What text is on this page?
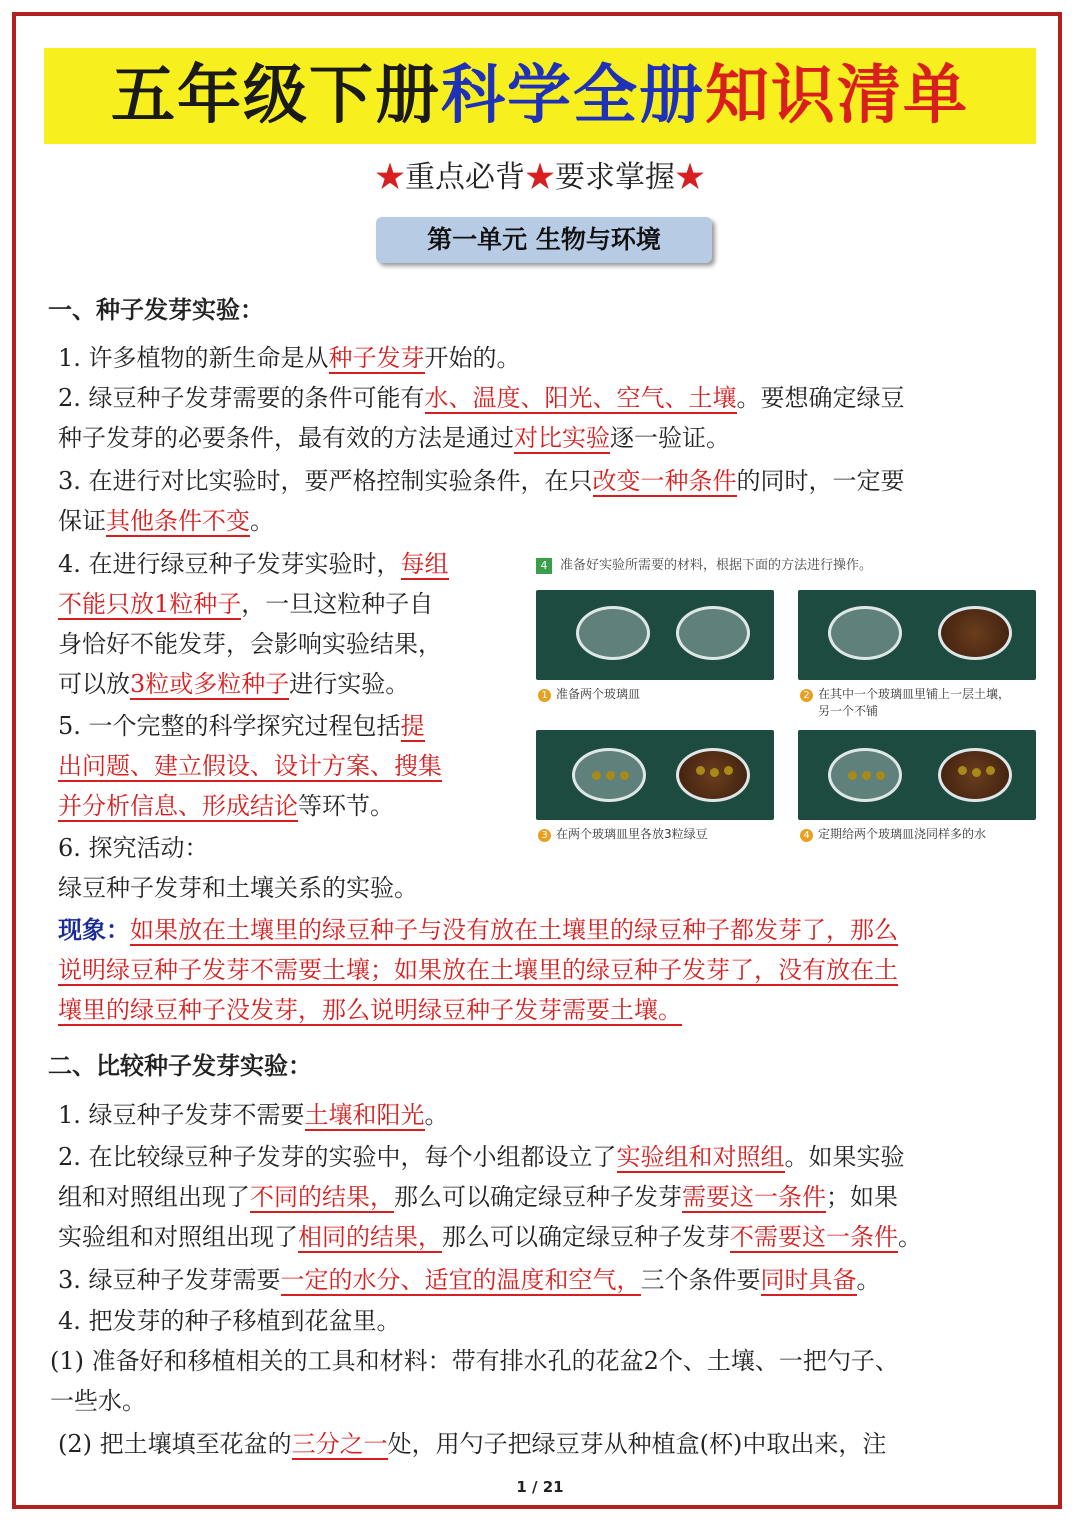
五年级下册科学全册知识清单
★重点必背★要求掌握★
第一单元 生物与环境
一、种子发芽实验：
1. 许多植物的新生命是从种子发芽开始的。
2. 绿豆种子发芽需要的条件可能有水、温度、阳光、空气、土壤。要想确定绿豆
种子发芽的必要条件，最有效的方法是通过对比实验逐一验证。
3. 在进行对比实验时，要严格控制实验条件，在只改变一种条件的同时，一定要
保证其他条件不变。
4. 在进行绿豆种子发芽实验时，每组
不能只放1粒种子，一旦这粒种子自
身恰好不能发芽，会影响实验结果，
可以放3粒或多粒种子进行实验。
5. 一个完整的科学探究过程包括提
出问题、建立假设、设计方案、搜集
并分析信息、形成结论等环节。
6. 探究活动：
绿豆种子发芽和土壤关系的实验。
现象：如果放在土壤里的绿豆种子与没有放在土壤里的绿豆种子都发芽了，那么
说明绿豆种子发芽不需要土壤；如果放在土壤里的绿豆种子发芽了，没有放在土
壤里的绿豆种子没发芽，那么说明绿豆种子发芽需要土壤。
4 准备好实验所需要的材料，根据下面的方法进行操作。
1 准备两个玻璃皿	2 在其中一个玻璃皿里铺上一层土壤，
另一个不铺
3 在两个玻璃皿里各放3粒绿豆	4 定期给两个玻璃皿浇同样多的水
二、比较种子发芽实验：
1. 绿豆种子发芽不需要土壤和阳光。
2. 在比较绿豆种子发芽的实验中，每个小组都设立了实验组和对照组。如果实验
组和对照组出现了不同的结果，那么可以确定绿豆种子发芽需要这一条件；如果
实验组和对照组出现了相同的结果，那么可以确定绿豆种子发芽不需要这一条件。
3. 绿豆种子发芽需要一定的水分、适宜的温度和空气，三个条件要同时具备。
4. 把发芽的种子移植到花盆里。
(1) 准备好和移植相关的工具和材料：带有排水孔的花盆2个、土壤、一把勺子、
一些水。
(2) 把土壤填至花盆的三分之一处，用勺子把绿豆芽从种植盒(杯)中取出来，注
1 / 21
